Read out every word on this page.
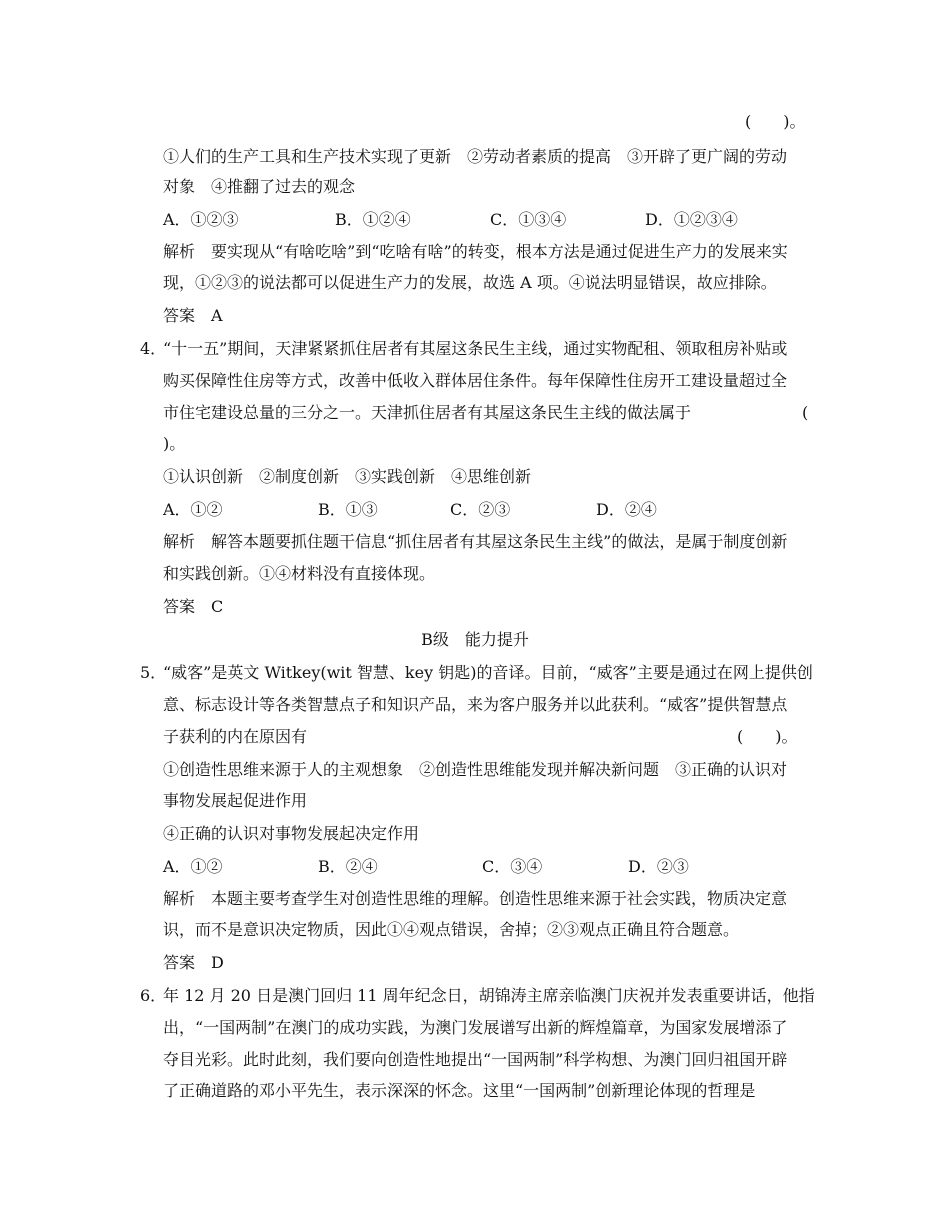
(　　)。
①人们的生产工具和生产技术实现了更新　②劳动者素质的提高　③开辟了更广阔的劳动
对象　④推翻了过去的观念
A．①②③	B．①②④	C．①③④	D．①②③④
解析　要实现从“有啥吃啥”到“吃啥有啥”的转变，根本方法是通过促进生产力的发展来实
现，①②③的说法都可以促进生产力的发展，故选 A 项。④说法明显错误，故应排除。
答案　A
4．
“十一五”期间，天津紧紧抓住居者有其屋这条民生主线，通过实物配租、领取租房补贴或
购买保障性住房等方式，改善中低收入群体居住条件。每年保障性住房开工建设量超过全
市住宅建设总量的三分之一。天津抓住居者有其屋这条民生主线的做法属于	(
)。
①认识创新　②制度创新　③实践创新　④思维创新
A．①②	B．①③	C．②③	D．②④
解析　解答本题要抓住题干信息“抓住居者有其屋这条民生主线”的做法，是属于制度创新
和实践创新。①④材料没有直接体现。
答案　C
B级　能力提升
5．
“威客”是英文 Witkey(wit 智慧、key 钥匙)的音译。目前，“威客”主要是通过在网上提供创
意、标志设计等各类智慧点子和知识产品，来为客户服务并以此获利。“威客”提供智慧点
子获利的内在原因有	(　　)。
①创造性思维来源于人的主观想象　②创造性思维能发现并解决新问题　③正确的认识对
事物发展起促进作用
④正确的认识对事物发展起决定作用
A．①②	B．②④	C．③④	D．②③
解析　本题主要考查学生对创造性思维的理解。创造性思维来源于社会实践，物质决定意
识，而不是意识决定物质，因此①④观点错误，舍掉；②③观点正确且符合题意。
答案　D
6．
年 12 月 20 日是澳门回归 11 周年纪念日，胡锦涛主席亲临澳门庆祝并发表重要讲话，他指
出，“一国两制”在澳门的成功实践，为澳门发展谱写出新的辉煌篇章，为国家发展增添了
夺目光彩。此时此刻，我们要向创造性地提出“一国两制”科学构想、为澳门回归祖国开辟
了正确道路的邓小平先生，表示深深的怀念。这里“一国两制”创新理论体现的哲理是
